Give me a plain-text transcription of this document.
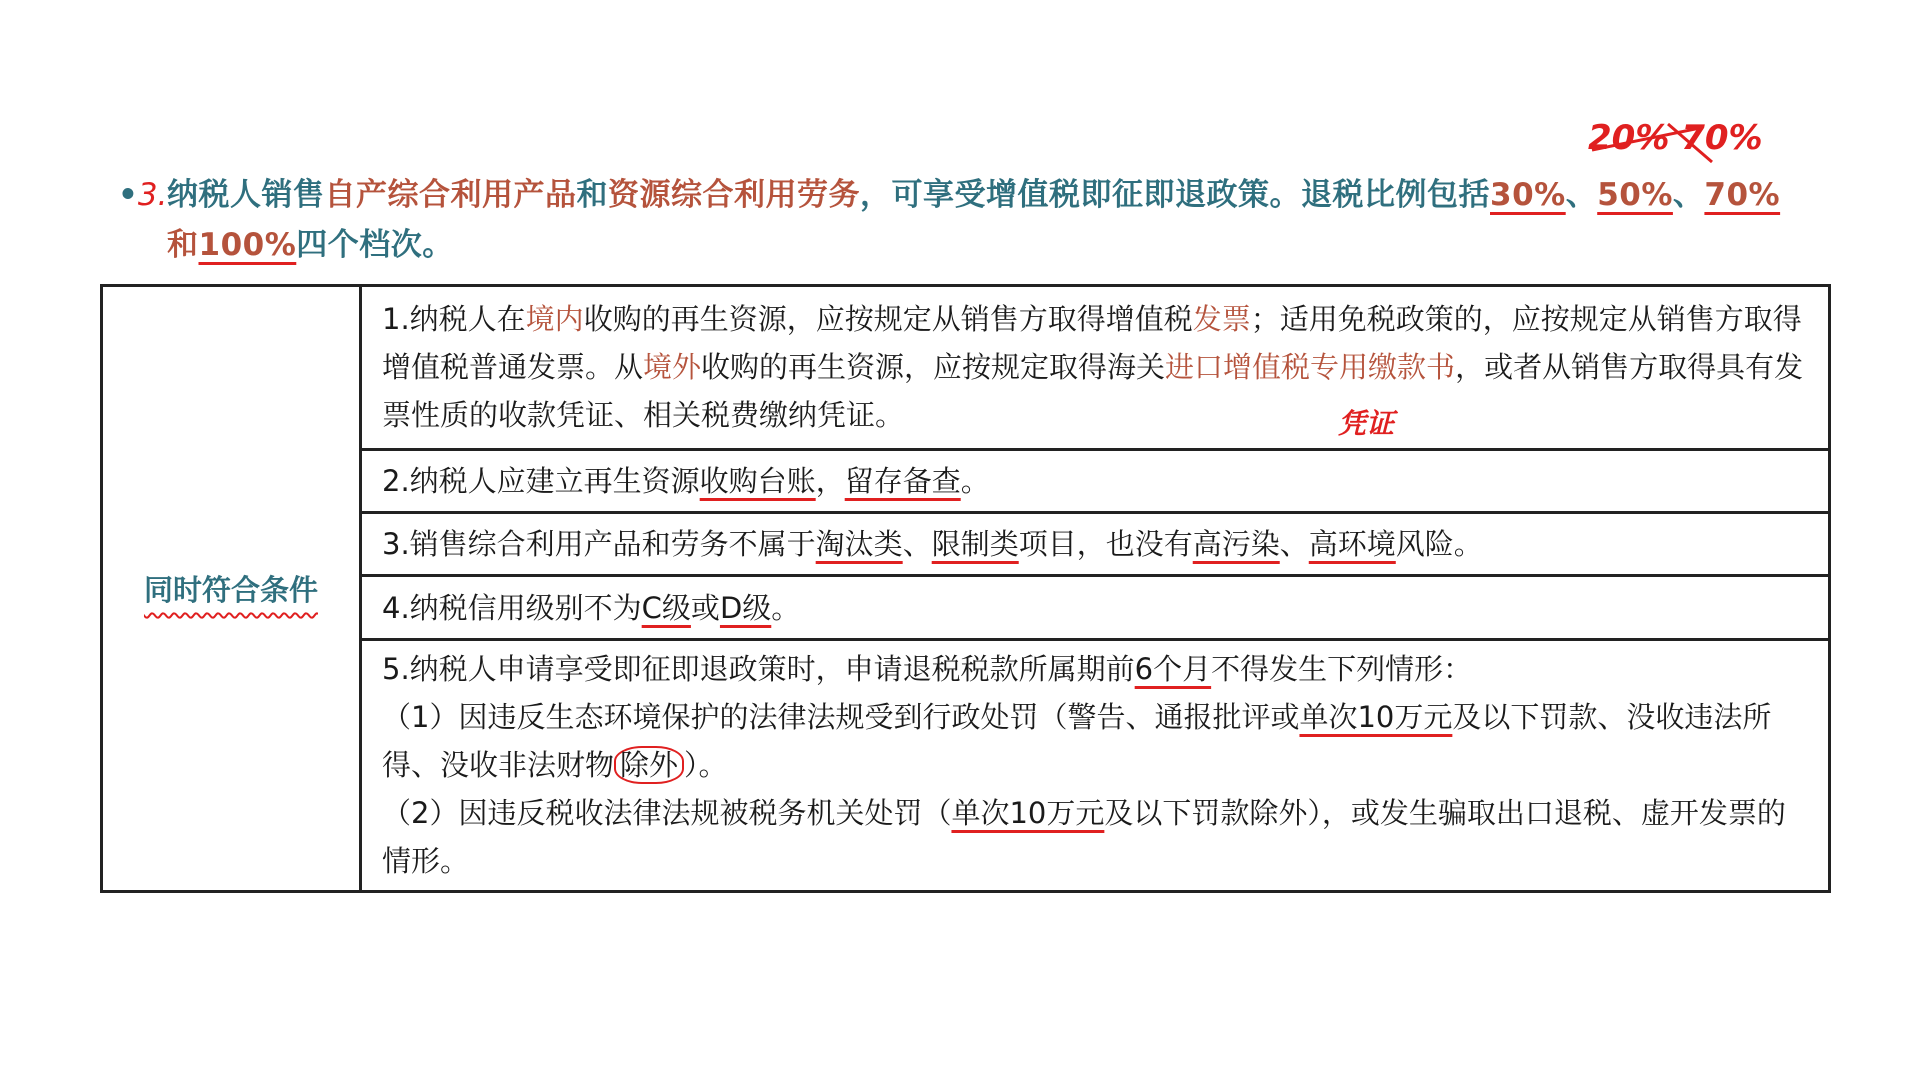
•3. 纳税人销售自产综合利用产品和资源综合利用劳务，可享受增值税即征即退政策。退税比例包括30%、50%、70%和100%四个档次。
20% 70%
同时符合条件	1.纳税人在境内收购的再生资源，应按规定从销售方取得增值税发票；适用免税政策的，应按规定从销售方取得增值税普通发票。从境外收购的再生资源，应按规定取得海关进口增值税专用缴款书，或者从销售方取得具有发票性质的收款凭证、相关税费缴纳凭证。
2.纳税人应建立再生资源收购台账，留存备查。
3.销售综合利用产品和劳务不属于淘汰类、限制类项目，也没有高污染、高环境风险。
4.纳税信用级别不为C级或D级。
5.纳税人申请享受即征即退政策时，申请退税税款所属期前6个月不得发生下列情形：
（1）因违反生态环境保护的法律法规受到行政处罚（警告、通报批评或单次10万元及以下罚款、没收违法所得、没收非法财物 除外 ）。
（2）因违反税收法律法规被税务机关处罚（单次10万元及以下罚款除外），或发生骗取出口退税、虚开发票的情形。
凭证
